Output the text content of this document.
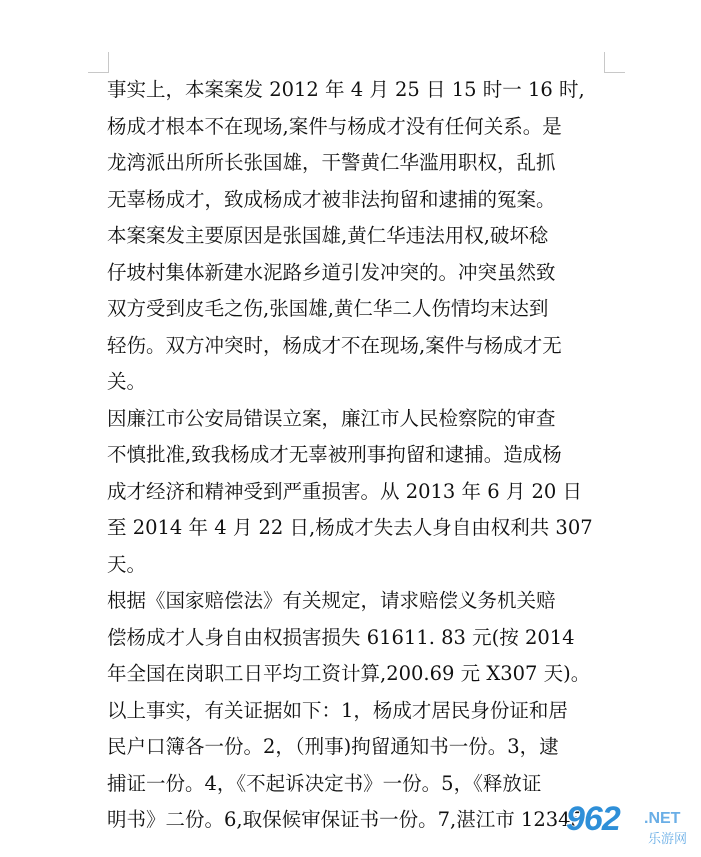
事实上，本案案发 2012 年 4 月 25 日 15 时一 16 时,
杨成才根本不在现场,案件与杨成才没有任何关系。是
龙湾派出所所长张国雄，干警黄仁华滥用职权，乱抓
无辜杨成才，致成杨成才被非法拘留和逮捕的冤案。
本案案发主要原因是张国雄,黄仁华违法用权,破坏稔
仔坡村集体新建水泥路乡道引发冲突的。冲突虽然致
双方受到皮毛之伤,张国雄,黄仁华二人伤情均末达到
轻伤。双方冲突时，杨成才不在现场,案件与杨成才无
关。
因廉江市公安局错误立案，廉江市人民检察院的审查
不慎批准,致我杨成才无辜被刑事拘留和逮捕。造成杨
成才经济和精神受到严重损害。从 2013 年 6 月 20 日
至 2014 年 4 月 22 日,杨成才失去人身自由权利共 307
天。
根据《国家赔偿法》有关规定，请求赔偿义务机关赔
偿杨成才人身自由权损害损失 61611. 83 元(按 2014
年全国在岗职工日平均工资计算,200.69 元 X307 天)。
以上事实，有关证据如下：1，杨成才居民身份证和居
民户口簿各一份。2，（刑事)拘留通知书一份。3，逮
捕证一份。4，《不起诉决定书》一份。5，《释放证
明书》二份。6,取保候审保证书一份。7,湛江市 12345
962 .NET
乐游网
